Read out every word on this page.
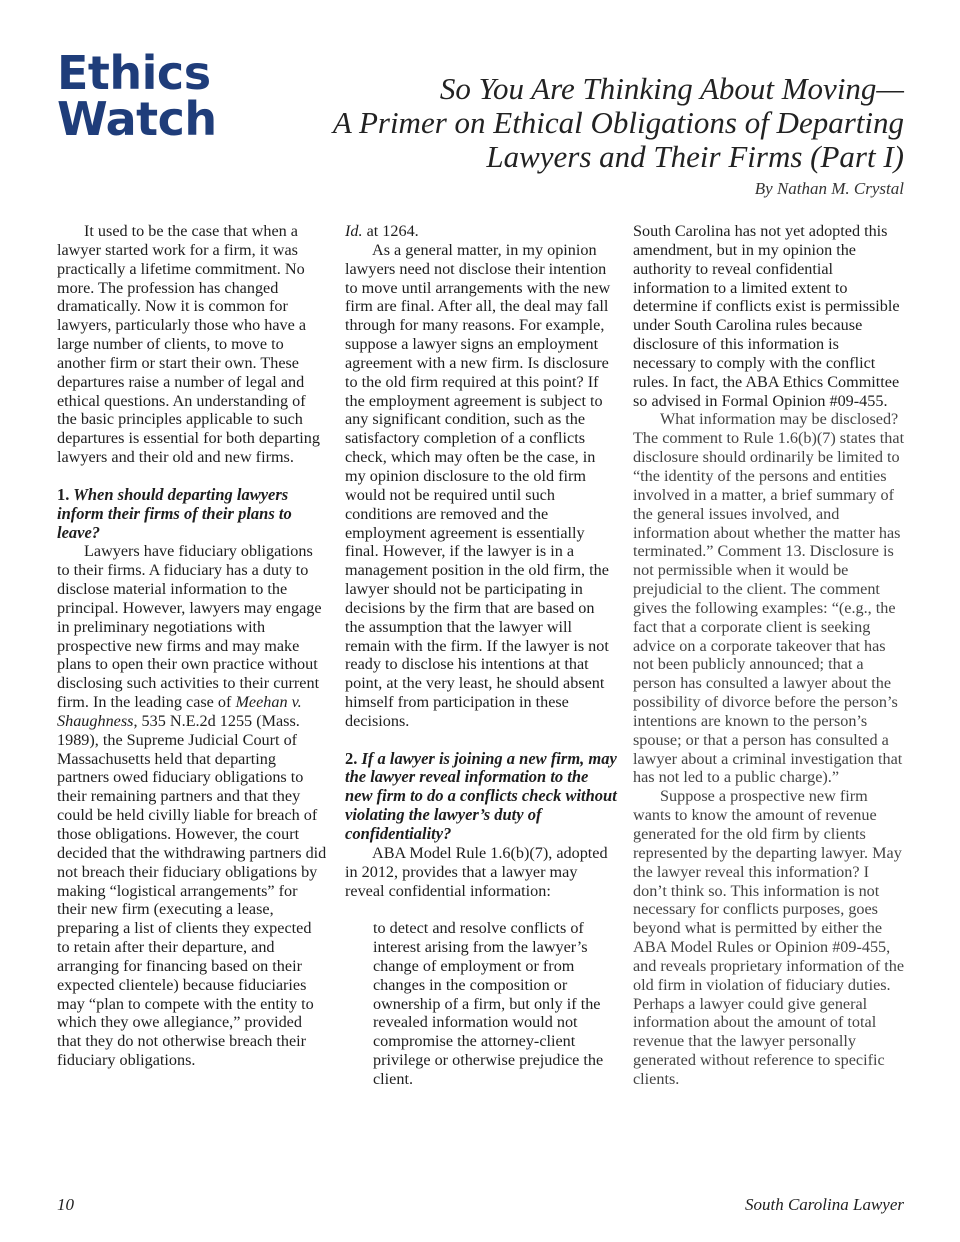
Ethics
Watch
So You Are Thinking About Moving—
A Primer on Ethical Obligations of Departing
Lawyers and Their Firms (Part I)
By Nathan M. Crystal

It used to be the case that when a lawyer started work for a firm, it was practically a lifetime commitment. No more. The profession has changed dramatically. Now it is common for lawyers, particularly those who have a large number of clients, to move to another firm or start their own. These departures raise a number of legal and ethical questions. An understanding of the basic principles applicable to such departures is essential for both departing lawyers and their old and new firms.

1. When should departing lawyers inform their firms of their plans to leave?

Lawyers have fiduciary obligations to their firms. A fiduciary has a duty to disclose material information to the principal. However, lawyers may engage in preliminary negotiations with prospective new firms and may make plans to open their own practice without disclosing such activities to their current firm. In the leading case of Meehan v. Shaughness, 535 N.E.2d 1255 (Mass. 1989), the Supreme Judicial Court of Massachusetts held that departing partners owed fiduciary obligations to their remaining partners and that they could be held civilly liable for breach of those obligations. However, the court decided that the withdrawing partners did not breach their fiduciary obligations by making “logistical arrangements” for their new firm (executing a lease, preparing a list of clients they expected to retain after their departure, and arranging for financing based on their expected clientele) because fiduciaries may “plan to compete with the entity to which they owe allegiance,” provided that they do not otherwise breach their fiduciary obligations.

Id. at 1264.

As a general matter, in my opinion lawyers need not disclose their intention to move until arrangements with the new firm are final. After all, the deal may fall through for many reasons. For example, suppose a lawyer signs an employment agreement with a new firm. Is disclosure to the old firm required at this point? If the employment agreement is subject to any significant condition, such as the satisfactory completion of a conflicts check, which may often be the case, in my opinion disclosure to the old firm would not be required until such conditions are removed and the employment agreement is essentially final. However, if the lawyer is in a management position in the old firm, the lawyer should not be participating in decisions by the firm that are based on the assumption that the lawyer will remain with the firm. If the lawyer is not ready to disclose his intentions at that point, at the very least, he should absent himself from participation in these decisions.

2. If a lawyer is joining a new firm, may the lawyer reveal information to the new firm to do a conflicts check without violating the lawyer’s duty of confidentiality?

ABA Model Rule 1.6(b)(7), adopted in 2012, provides that a lawyer may reveal confidential information:

to detect and resolve conflicts of interest arising from the lawyer’s change of employment or from changes in the composition or ownership of a firm, but only if the revealed information would not compromise the attorney-client privilege or otherwise prejudice the client.

South Carolina has not yet adopted this amendment, but in my opinion the authority to reveal confidential information to a limited extent to determine if conflicts exist is permissible under South Carolina rules because disclosure of this information is necessary to comply with the conflict rules. In fact, the ABA Ethics Committee so advised in Formal Opinion #09-455.

What information may be disclosed? The comment to Rule 1.6(b)(7) states that disclosure should ordinarily be limited to “the identity of the persons and entities involved in a matter, a brief summary of the general issues involved, and information about whether the matter has terminated.” Comment 13. Disclosure is not permissible when it would be prejudicial to the client. The comment gives the following examples: “(e.g., the fact that a corporate client is seeking advice on a corporate takeover that has not been publicly announced; that a person has consulted a lawyer about the possibility of divorce before the person’s intentions are known to the person’s spouse; or that a person has consulted a lawyer about a criminal investigation that has not led to a public charge).”

Suppose a prospective new firm wants to know the amount of revenue generated for the old firm by clients represented by the departing lawyer. May the lawyer reveal this information? I don’t think so. This information is not necessary for conflicts purposes, goes beyond what is permitted by either the ABA Model Rules or Opinion #09-455, and reveals proprietary information of the old firm in violation of fiduciary duties. Perhaps a lawyer could give general information about the amount of total revenue that the lawyer personally generated without reference to specific clients.

10	South Carolina Lawyer
